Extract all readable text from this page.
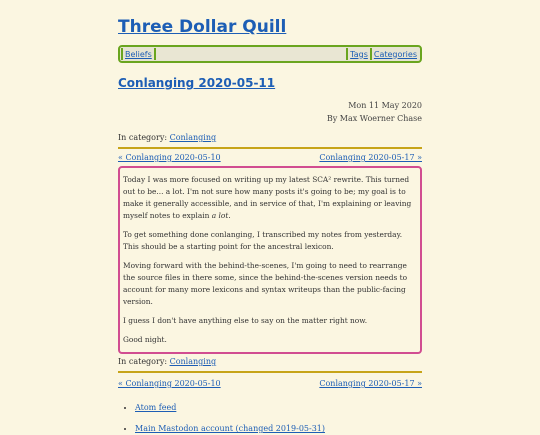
Three Dollar Quill
Beliefs	Tags Categories
Conlanging 2020-05-11
Mon 11 May 2020
By Max Woerner Chase
In category: Conlanging
« Conlanging 2020-05-10	Conlanging 2020-05-17 »

Today I was more focused on writing up my latest SCA² rewrite. This turned out to be... a lot. I'm not sure how many posts it's going to be; my goal is to make it generally accessible, and in service of that, I'm explaining or leaving myself notes to explain a lot.

To get something done conlanging, I transcribed my notes from yesterday. This should be a starting point for the ancestral lexicon.

Moving forward with the behind-the-scenes, I'm going to need to rearrange the source files in there some, since the behind-the-scenes version needs to account for many more lexicons and syntax writeups than the public-facing version.

I guess I don't have anything else to say on the matter right now.

Good night.

In category: Conlanging
« Conlanging 2020-05-10	Conlanging 2020-05-17 »
• Atom feed
• Main Mastodon account (changed 2019-05-31)
